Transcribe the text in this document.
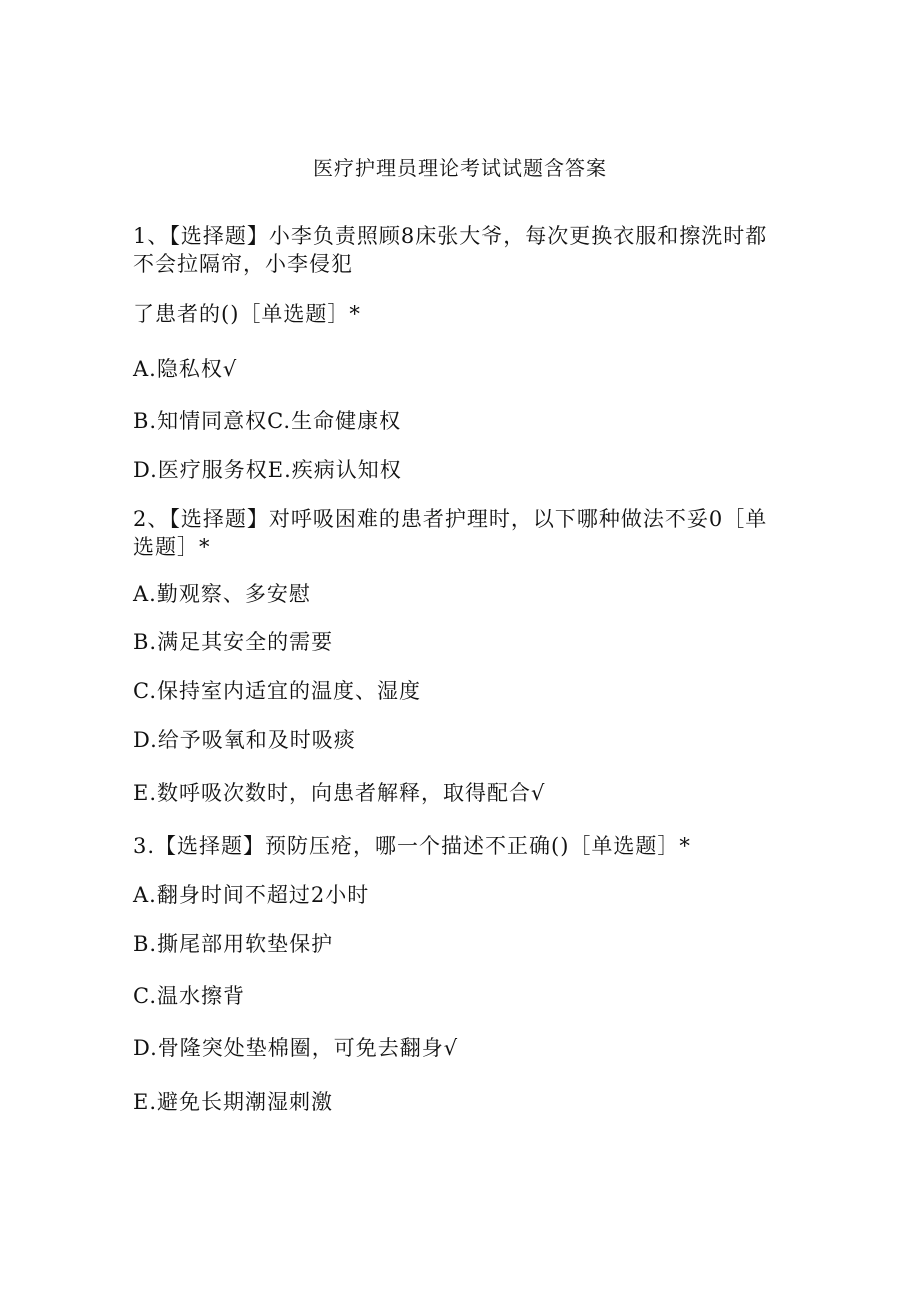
医疗护理员理论考试试题含答案
1、【选择题】小李负责照顾8床张大爷，每次更换衣服和擦洗时都不会拉隔帘，小李侵犯
了患者的()［单选题］*
A.隐私权√
B.知情同意权C.生命健康权
D.医疗服务权E.疾病认知权
2、【选择题】对呼吸困难的患者护理时，以下哪种做法不妥0［单选题］*
A.勤观察、多安慰
B.满足其安全的需要
C.保持室内适宜的温度、湿度
D.给予吸氧和及时吸痰
E.数呼吸次数时，向患者解释，取得配合√
3.【选择题】预防压疮，哪一个描述不正确()［单选题］*
A.翻身时间不超过2小时
B.撕尾部用软垫保护
C.温水擦背
D.骨隆突处垫棉圈，可免去翻身√
E.避免长期潮湿刺激
